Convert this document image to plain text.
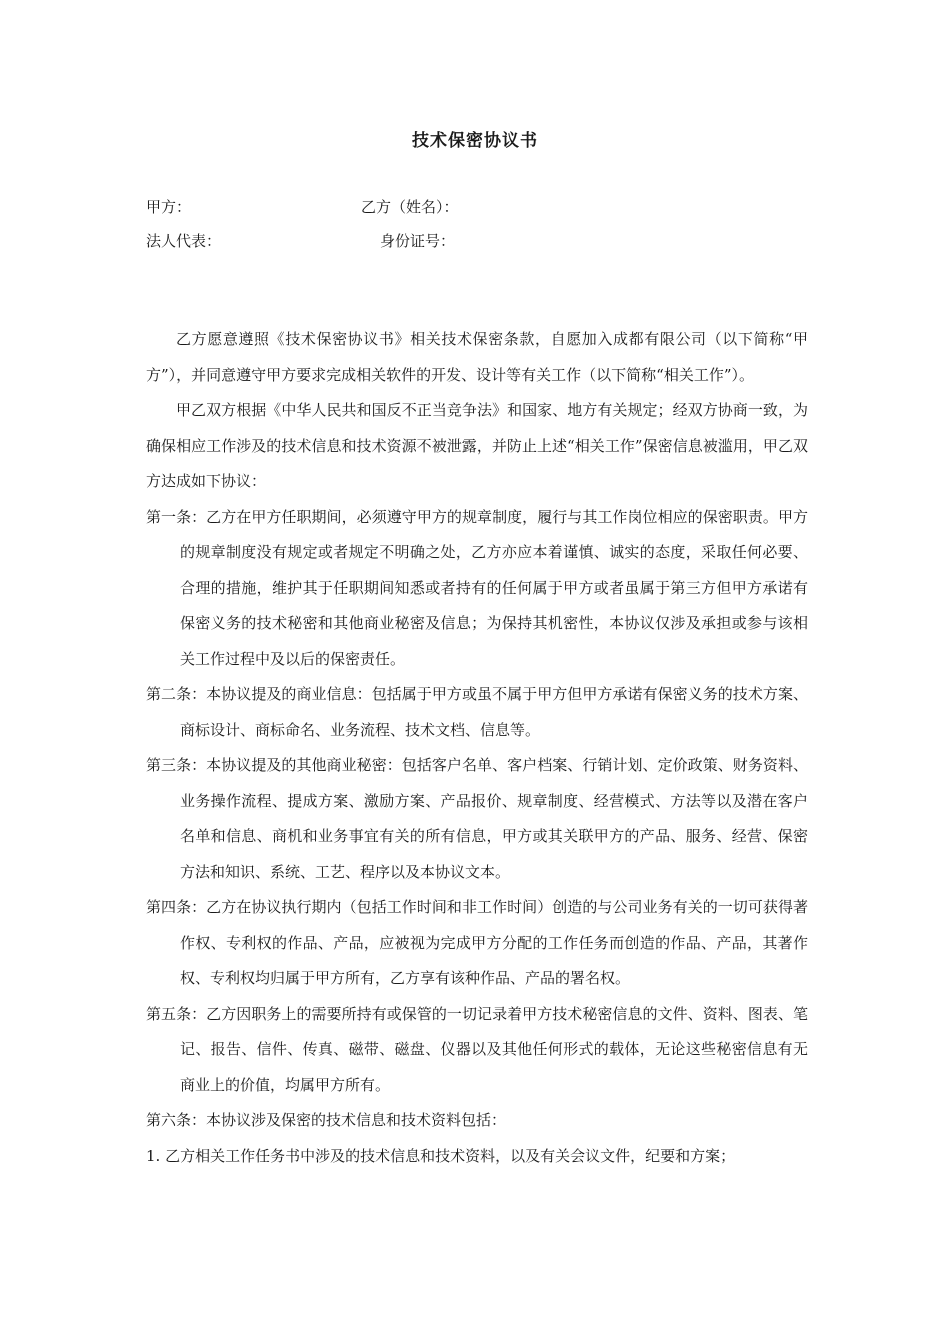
技术保密协议书
甲方：	乙方（姓名）：
法人代表：	身份证号：

乙方愿意遵照《技术保密协议书》相关技术保密条款，自愿加入成都有限公司（以下简称“甲方”），并同意遵守甲方要求完成相关软件的开发、设计等有关工作（以下简称“相关工作”）。

甲乙双方根据《中华人民共和国反不正当竞争法》和国家、地方有关规定；经双方协商一致，为确保相应工作涉及的技术信息和技术资源不被泄露，并防止上述“相关工作”保密信息被滥用，甲乙双方达成如下协议：

第一条：乙方在甲方任职期间，必须遵守甲方的规章制度，履行与其工作岗位相应的保密职责。甲方的规章制度没有规定或者规定不明确之处，乙方亦应本着谨慎、诚实的态度，采取任何必要、合理的措施，维护其于任职期间知悉或者持有的任何属于甲方或者虽属于第三方但甲方承诺有保密义务的技术秘密和其他商业秘密及信息；为保持其机密性，本协议仅涉及承担或参与该相关工作过程中及以后的保密责任。

第二条：本协议提及的商业信息：包括属于甲方或虽不属于甲方但甲方承诺有保密义务的技术方案、商标设计、商标命名、业务流程、技术文档、信息等。

第三条：本协议提及的其他商业秘密：包括客户名单、客户档案、行销计划、定价政策、财务资料、业务操作流程、提成方案、激励方案、产品报价、规章制度、经营模式、方法等以及潜在客户名单和信息、商机和业务事宜有关的所有信息，甲方或其关联甲方的产品、服务、经营、保密方法和知识、系统、工艺、程序以及本协议文本。

第四条：乙方在协议执行期内（包括工作时间和非工作时间）创造的与公司业务有关的一切可获得著作权、专利权的作品、产品，应被视为完成甲方分配的工作任务而创造的作品、产品，其著作权、专利权均归属于甲方所有，乙方享有该种作品、产品的署名权。

第五条：乙方因职务上的需要所持有或保管的一切记录着甲方技术秘密信息的文件、资料、图表、笔记、报告、信件、传真、磁带、磁盘、仪器以及其他任何形式的载体，无论这些秘密信息有无商业上的价值，均属甲方所有。

第六条：本协议涉及保密的技术信息和技术资料包括：

1. 乙方相关工作任务书中涉及的技术信息和技术资料，以及有关会议文件，纪要和方案；
